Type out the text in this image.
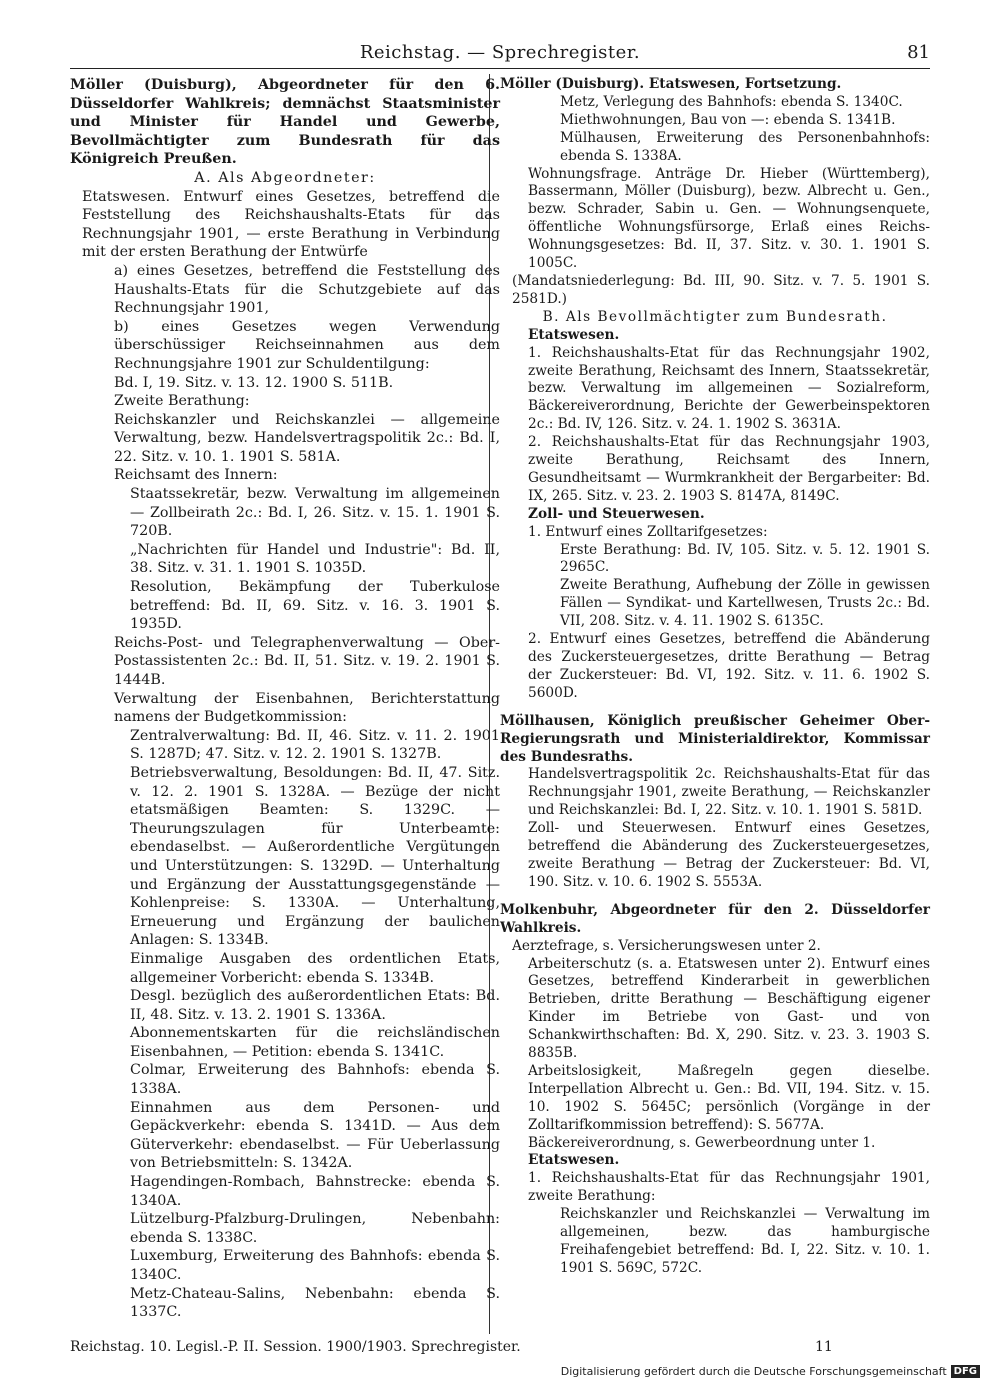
Reichstag. — Sprechregister.	81

Möller (Duisburg), Abgeordneter für den 6. Düsseldorfer Wahlkreis; demnächst Staatsminister und Minister für Handel und Gewerbe, Bevollmächtigter zum Bundesrath für das Königreich Preußen.

A. Als Abgeordneter:

Etatswesen. Entwurf eines Gesetzes, betreffend die Feststellung des Reichshaushalts-Etats für das Rechnungsjahr 1901, — erste Berathung in Verbindung mit der ersten Berathung der Entwürfe

a) eines Gesetzes, betreffend die Feststellung des Haushalts-Etats für die Schutzgebiete auf das Rechnungsjahr 1901,

b) eines Gesetzes wegen Verwendung überschüssiger Reichseinnahmen aus dem Rechnungsjahre 1901 zur Schuldentilgung:

Bd. I, 19. Sitz. v. 13. 12. 1900 S. 511B.

Zweite Berathung:

Reichskanzler und Reichskanzlei — allgemeine Verwaltung, bezw. Handelsvertragspolitik 2c.: Bd. I, 22. Sitz. v. 10. 1. 1901 S. 581A.

Reichsamt des Innern:

Staatssekretär, bezw. Verwaltung im allgemeinen — Zollbeirath 2c.: Bd. I, 26. Sitz. v. 15. 1. 1901 S. 720B.

„Nachrichten für Handel und Industrie": Bd. II, 38. Sitz. v. 31. 1. 1901 S. 1035D.

Resolution, Bekämpfung der Tuberkulose betreffend: Bd. II, 69. Sitz. v. 16. 3. 1901 S. 1935D.

Reichs-Post- und Telegraphenverwaltung — Ober-Postassistenten 2c.: Bd. II, 51. Sitz. v. 19. 2. 1901 S. 1444B.

Verwaltung der Eisenbahnen, Berichterstattung namens der Budgetkommission:

Zentralverwaltung: Bd. II, 46. Sitz. v. 11. 2. 1901 S. 1287D; 47. Sitz. v. 12. 2. 1901 S. 1327B.

Betriebsverwaltung, Besoldungen: Bd. II, 47. Sitz. v. 12. 2. 1901 S. 1328A. — Bezüge der nicht etatsmäßigen Beamten: S. 1329C. — Theurungszulagen für Unterbeamte: ebendaselbst. — Außerordentliche Vergütungen und Unterstützungen: S. 1329D. — Unterhaltung und Ergänzung der Ausstattungsgegenstände — Kohlenpreise: S. 1330A. — Unterhaltung, Erneuerung und Ergänzung der baulichen Anlagen: S. 1334B.

Einmalige Ausgaben des ordentlichen Etats, allgemeiner Vorbericht: ebenda S. 1334B.

Desgl. bezüglich des außerordentlichen Etats: Bd. II, 48. Sitz. v. 13. 2. 1901 S. 1336A.

Abonnementskarten für die reichsländischen Eisenbahnen, — Petition: ebenda S. 1341C.

Colmar, Erweiterung des Bahnhofs: ebenda S. 1338A.

Einnahmen aus dem Personen- und Gepäckverkehr: ebenda S. 1341D. — Aus dem Güterverkehr: ebendaselbst. — Für Ueberlassung von Betriebsmitteln: S. 1342A.

Hagendingen-Rombach, Bahnstrecke: ebenda S. 1340A.

Lützelburg-Pfalzburg-Drulingen, Nebenbahn: ebenda S. 1338C.

Luxemburg, Erweiterung des Bahnhofs: ebenda S. 1340C.

Metz-Chateau-Salins, Nebenbahn: ebenda S. 1337C.

Möller (Duisburg). Etatswesen, Fortsetzung.

Metz, Verlegung des Bahnhofs: ebenda S. 1340C.

Miethwohnungen, Bau von —: ebenda S. 1341B.

Mülhausen, Erweiterung des Personenbahnhofs: ebenda S. 1338A.

Wohnungsfrage. Anträge Dr. Hieber (Württemberg), Bassermann, Möller (Duisburg), bezw. Albrecht u. Gen., bezw. Schrader, Sabin u. Gen. — Wohnungsenquete, öffentliche Wohnungsfürsorge, Erlaß eines Reichs-Wohnungsgesetzes: Bd. II, 37. Sitz. v. 30. 1. 1901 S. 1005C.

(Mandatsniederlegung: Bd. III, 90. Sitz. v. 7. 5. 1901 S. 2581D.)

B. Als Bevollmächtigter zum Bundesrath.

Etatswesen.

1. Reichshaushalts-Etat für das Rechnungsjahr 1902, zweite Berathung, Reichsamt des Innern, Staatssekretär, bezw. Verwaltung im allgemeinen — Sozialreform, Bäckereiverordnung, Berichte der Gewerbeinspektoren 2c.: Bd. IV, 126. Sitz. v. 24. 1. 1902 S. 3631A.

2. Reichshaushalts-Etat für das Rechnungsjahr 1903, zweite Berathung, Reichsamt des Innern, Gesundheitsamt — Wurmkrankheit der Bergarbeiter: Bd. IX, 265. Sitz. v. 23. 2. 1903 S. 8147A, 8149C.

Zoll- und Steuerwesen.

1. Entwurf eines Zolltarifgesetzes:

Erste Berathung: Bd. IV, 105. Sitz. v. 5. 12. 1901 S. 2965C.

Zweite Berathung, Aufhebung der Zölle in gewissen Fällen — Syndikat- und Kartellwesen, Trusts 2c.: Bd. VII, 208. Sitz. v. 4. 11. 1902 S. 6135C.

2. Entwurf eines Gesetzes, betreffend die Abänderung des Zuckersteuergesetzes, dritte Berathung — Betrag der Zuckersteuer: Bd. VI, 192. Sitz. v. 11. 6. 1902 S. 5600D.

Möllhausen, Königlich preußischer Geheimer Ober-Regierungsrath und Ministerialdirektor, Kommissar des Bundesraths.

Handelsvertragspolitik 2c. Reichshaushalts-Etat für das Rechnungsjahr 1901, zweite Berathung, — Reichskanzler und Reichskanzlei: Bd. I, 22. Sitz. v. 10. 1. 1901 S. 581D.

Zoll- und Steuerwesen. Entwurf eines Gesetzes, betreffend die Abänderung des Zuckersteuergesetzes, zweite Berathung — Betrag der Zuckersteuer: Bd. VI, 190. Sitz. v. 10. 6. 1902 S. 5553A.

Molkenbuhr, Abgeordneter für den 2. Düsseldorfer Wahlkreis.

Aerztefrage, s. Versicherungswesen unter 2.

Arbeiterschutz (s. a. Etatswesen unter 2). Entwurf eines Gesetzes, betreffend Kinderarbeit in gewerblichen Betrieben, dritte Berathung — Beschäftigung eigener Kinder im Betriebe von Gast- und von Schankwirthschaften: Bd. X, 290. Sitz. v. 23. 3. 1903 S. 8835B.

Arbeitslosigkeit, Maßregeln gegen dieselbe. Interpellation Albrecht u. Gen.: Bd. VII, 194. Sitz. v. 15. 10. 1902 S. 5645C; persönlich (Vorgänge in der Zolltarifkommission betreffend): S. 5677A.

Bäckereiverordnung, s. Gewerbeordnung unter 1.

Etatswesen.

1. Reichshaushalts-Etat für das Rechnungsjahr 1901, zweite Berathung:

Reichskanzler und Reichskanzlei — Verwaltung im allgemeinen, bezw. das hamburgische Freihafengebiet betreffend: Bd. I, 22. Sitz. v. 10. 1. 1901 S. 569C, 572C.

Reichstag. 10. Legisl.-P. II. Session. 1900/1903. Sprechregister.	11
Digitalisierung gefördert durch die Deutsche Forschungsgemeinschaft DFG
